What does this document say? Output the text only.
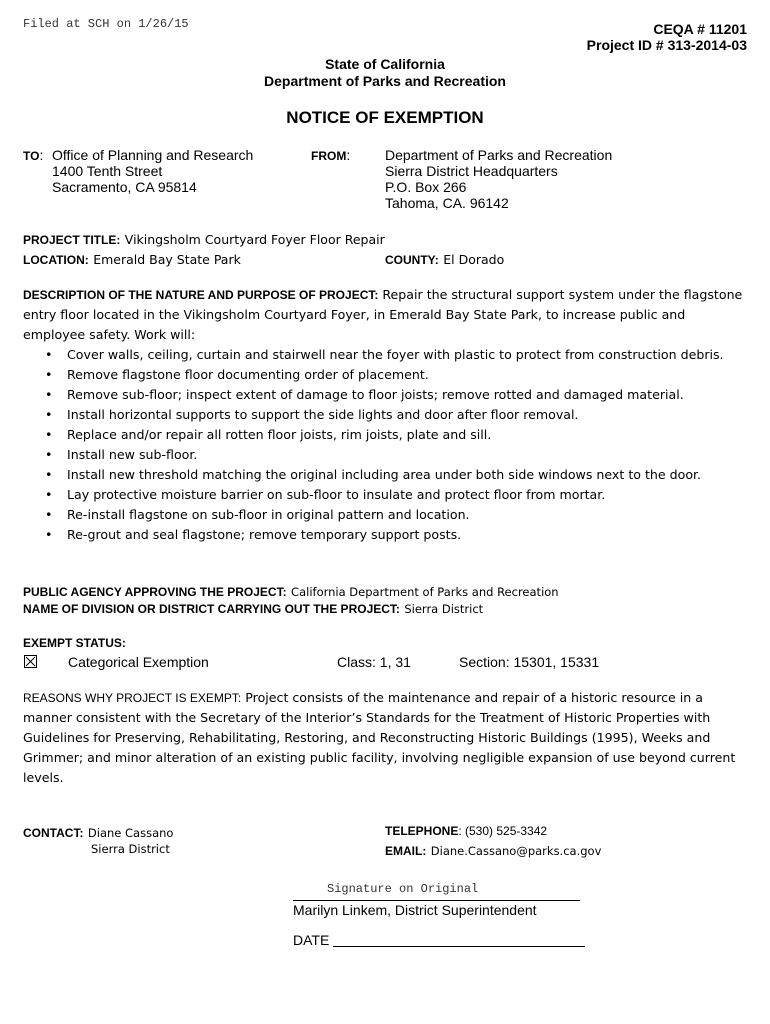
Filed at SCH on 1/26/15	CEQA # 11201
Project ID # 313-2014-03
State of California
Department of Parks and Recreation
NOTICE OF EXEMPTION
TO: Office of Planning and Research
1400 Tenth Street
Sacramento, CA 95814
FROM: Department of Parks and Recreation
Sierra District Headquarters
P.O. Box 266
Tahoma, CA. 96142
PROJECT TITLE: Vikingsholm Courtyard Foyer Floor Repair
LOCATION: Emerald Bay State Park	COUNTY: El Dorado
DESCRIPTION OF THE NATURE AND PURPOSE OF PROJECT: Repair the structural support system under the flagstone entry floor located in the Vikingsholm Courtyard Foyer, in Emerald Bay State Park, to increase public and employee safety. Work will:
• Cover walls, ceiling, curtain and stairwell near the foyer with plastic to protect from construction debris.
• Remove flagstone floor documenting order of placement.
• Remove sub-floor; inspect extent of damage to floor joists; remove rotted and damaged material.
• Install horizontal supports to support the side lights and door after floor removal.
• Replace and/or repair all rotten floor joists, rim joists, plate and sill.
• Install new sub-floor.
• Install new threshold matching the original including area under both side windows next to the door.
• Lay protective moisture barrier on sub-floor to insulate and protect floor from mortar.
• Re-install flagstone on sub-floor in original pattern and location.
• Re-grout and seal flagstone; remove temporary support posts.
PUBLIC AGENCY APPROVING THE PROJECT: California Department of Parks and Recreation
NAME OF DIVISION OR DISTRICT CARRYING OUT THE PROJECT: Sierra District
EXEMPT STATUS:
Categorical Exemption	Class: 1, 31	Section: 15301, 15331
REASONS WHY PROJECT IS EXEMPT: Project consists of the maintenance and repair of a historic resource in a manner consistent with the Secretary of the Interior’s Standards for the Treatment of Historic Properties with Guidelines for Preserving, Rehabilitating, Restoring, and Reconstructing Historic Buildings (1995), Weeks and Grimmer; and minor alteration of an existing public facility, involving negligible expansion of use beyond current levels.
CONTACT: Diane Cassano
Sierra District
TELEPHONE: (530) 525-3342
EMAIL: Diane.Cassano@parks.ca.gov
Signature on Original
Marilyn Linkem, District Superintendent
DATE
